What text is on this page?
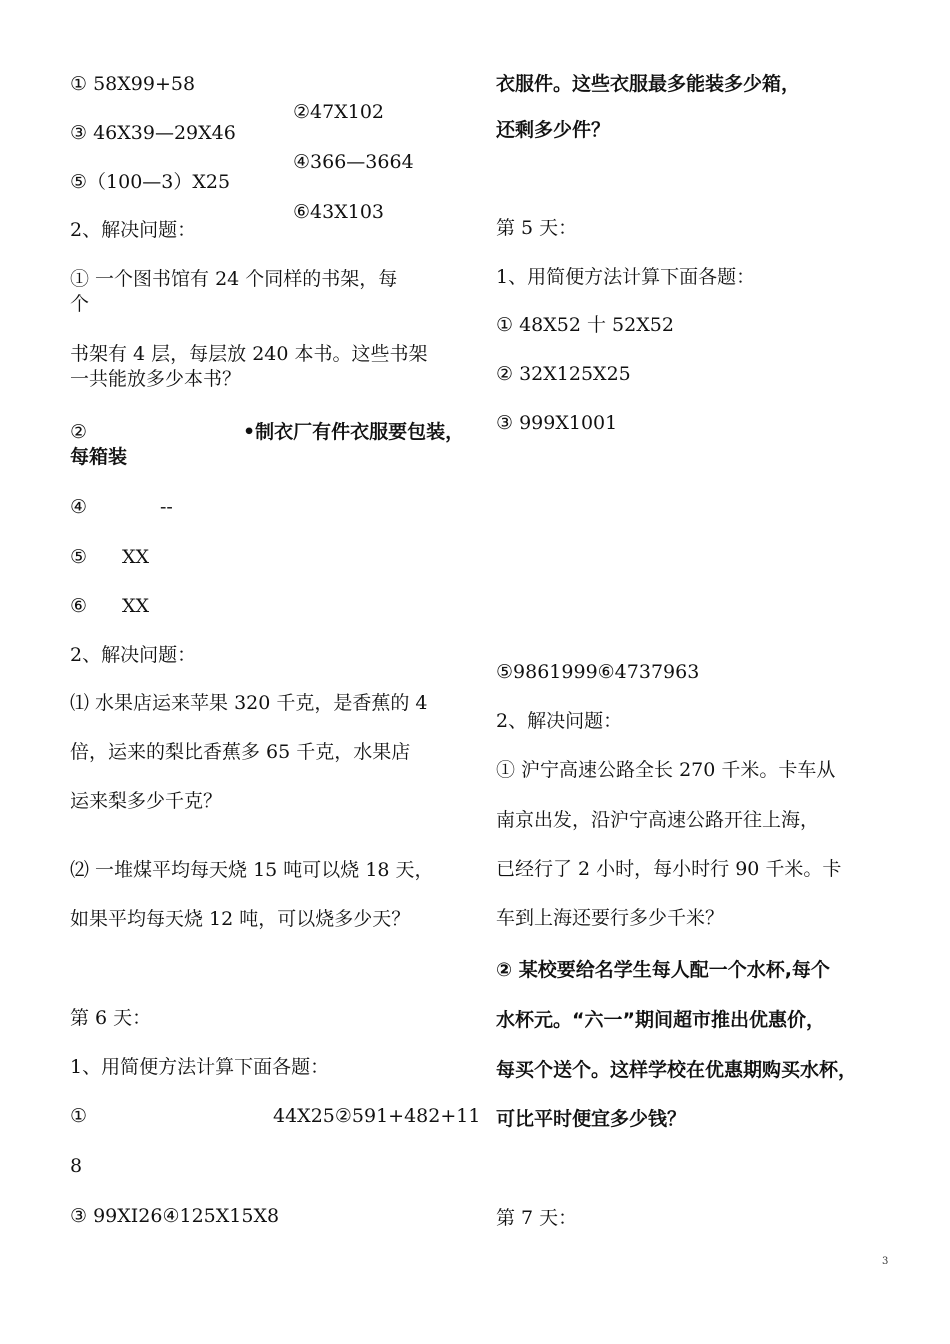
① 58X99+58
②47X102
③ 46X39—29X46
④366—3664
⑤（100—3）X25
⑥43X103
2、解决问题：
① 一个图书馆有 24 个同样的书架，每
个
书架有 4 层，每层放 240 本书。这些书架
一共能放多少本书？
②	•制衣厂有件衣服要包装，
每箱装
④	--
⑤ XX
⑥ XX
2、解决问题：
⑴ 水果店运来苹果 320 千克，是香蕉的 4
倍，运来的梨比香蕉多 65 千克，水果店
运来梨多少千克？
⑵ 一堆煤平均每天烧 15 吨可以烧 18 天，
如果平均每天烧 12 吨，可以烧多少天？
第 6 天：
1、用简便方法计算下面各题：
①	44X25②591+482+11
8
③ 99XI26④125X15X8
衣服件。这些衣服最多能装多少箱，
还剩多少件？
第 5 天：
1、用简便方法计算下面各题：
① 48X52 十 52X52
② 32X125X25
③ 999X1001
⑤9861999⑥4737963
2、解决问题：
① 沪宁高速公路全长 270 千米。卡车从
南京出发，沿沪宁高速公路开往上海，
已经行了 2 小时，每小时行 90 千米。卡
车到上海还要行多少千米？
② 某校要给名学生每人配一个水杯,每个
水杯元。“六一”期间超市推出优惠价，
每买个送个。这样学校在优惠期购买水杯，
可比平时便宜多少钱？
第 7 天：
3
